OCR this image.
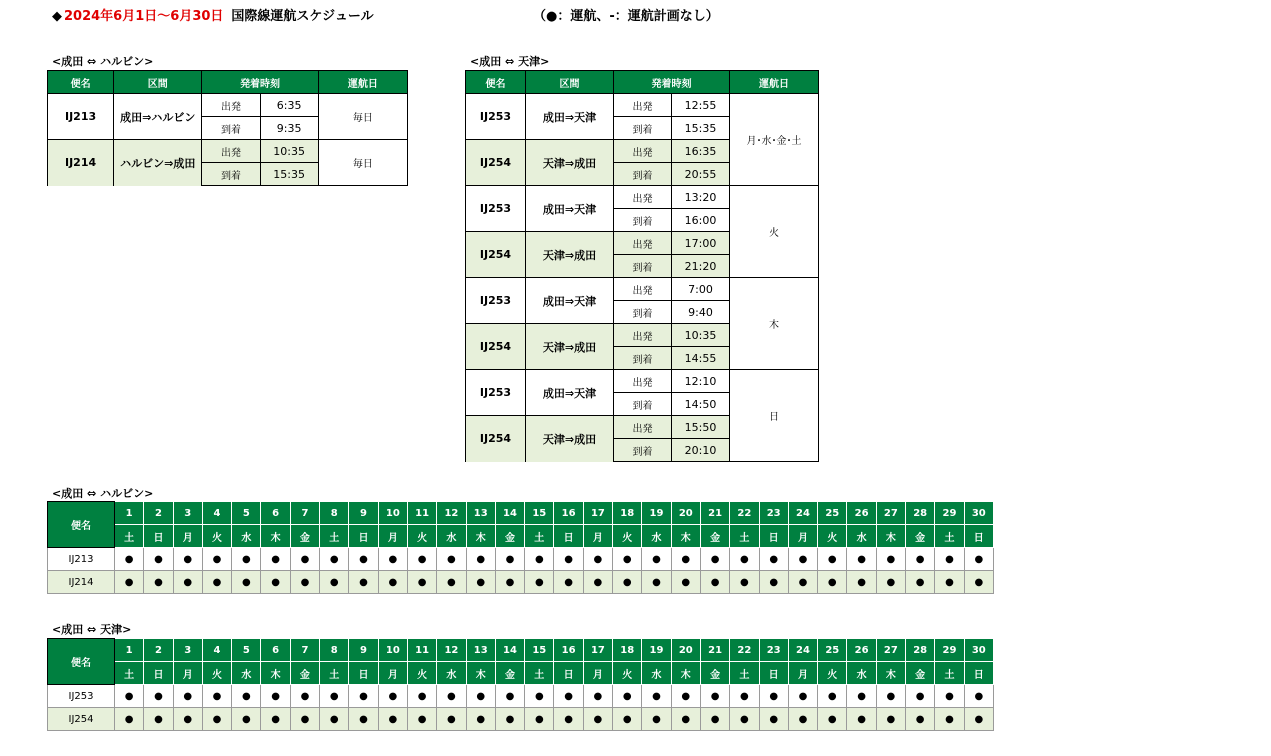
◆ 2024年6月1日～6月30日 国際線運航スケジュール	（●：運航、-：運航計画なし）
<成田 ⇔ ハルビン>	<成田 ⇔ 天津>
<成田 ⇔ ハルビン>
<成田 ⇔ 天津>
便名	区間	発着時刻		運航日
IJ213	成田⇒ハルビン	出発	6:35	毎日
		到着	9:35	
IJ214	ハルビン⇒成田	出発	10:35	毎日
		到着	15:35	
便名	区間	発着時刻		運航日
IJ253	成田⇒天津	出発	12:55	月･水･金･土
		到着	15:35	
IJ254	天津⇒成田	出発	16:35	
		到着	20:55	
IJ253	成田⇒天津	出発	13:20	火
		到着	16:00	
IJ254	天津⇒成田	出発	17:00	
		到着	21:20	
IJ253	成田⇒天津	出発	7:00	木
		到着	9:40	
IJ254	天津⇒成田	出発	10:35	
		到着	14:55	
IJ253	成田⇒天津	出発	12:10	日
		到着	14:50	
IJ254	天津⇒成田	出発	15:50	
		到着	20:10	
便名	1	2	3	4	5	6	7	8	9	10	11	12	13	14	15	16	17	18	19	20	21	22	23	24	25	26	27	28	29	30
	土	日	月	火	水	木	金	土	日	月	火	水	木	金	土	日	月	火	水	木	金	土	日	月	火	水	木	金	土	日
IJ213	●	●	●	●	●	●	●	●	●	●	●	●	●	●	●	●	●	●	●	●	●	●	●	●	●	●	●	●	●	●
IJ214	●	●	●	●	●	●	●	●	●	●	●	●	●	●	●	●	●	●	●	●	●	●	●	●	●	●	●	●	●	●
便名	1	2	3	4	5	6	7	8	9	10	11	12	13	14	15	16	17	18	19	20	21	22	23	24	25	26	27	28	29	30
	土	日	月	火	水	木	金	土	日	月	火	水	木	金	土	日	月	火	水	木	金	土	日	月	火	水	木	金	土	日
IJ253	●	●	●	●	●	●	●	●	●	●	●	●	●	●	●	●	●	●	●	●	●	●	●	●	●	●	●	●	●	●
IJ254	●	●	●	●	●	●	●	●	●	●	●	●	●	●	●	●	●	●	●	●	●	●	●	●	●	●	●	●	●	●
